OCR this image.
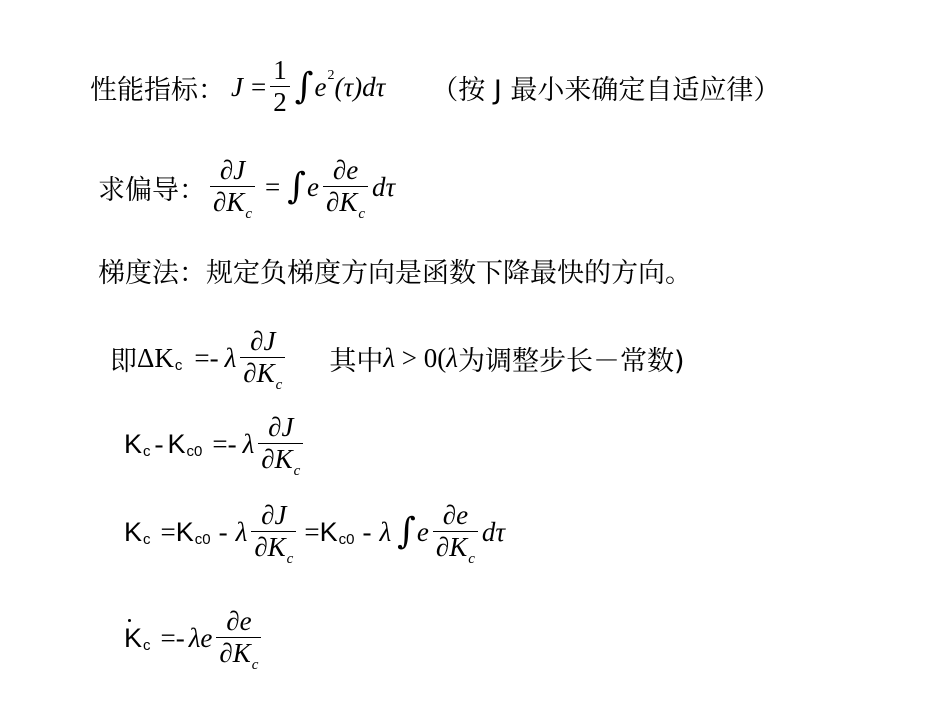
性能指标： $J = \frac{1}{2}$ ∫ e 2 (τ) dτ （按 J 最小来确定自适应律）
求偏导： $\frac{\partial J}{\partial K_c}$ = ∫ e $\frac{\partial e}{\partial K_c}$ dτ
梯度法：规定负梯度方向是函数下降最快的方向。
即 ΔK c =- λ $\frac{\partial J}{\partial K_c}$ 其中 λ > 0( λ 为调整步长－常数)
K c - K c0 =- λ $\frac{\partial J}{\partial K_c}$
K c = K c0 - λ $\frac{\partial J}{\partial K_c} = K$ c0 - λ ∫ e $\frac{\partial e}{\partial K_c}$ dτ
K c =- λe $\frac{\partial e}{\partial K_c}$
